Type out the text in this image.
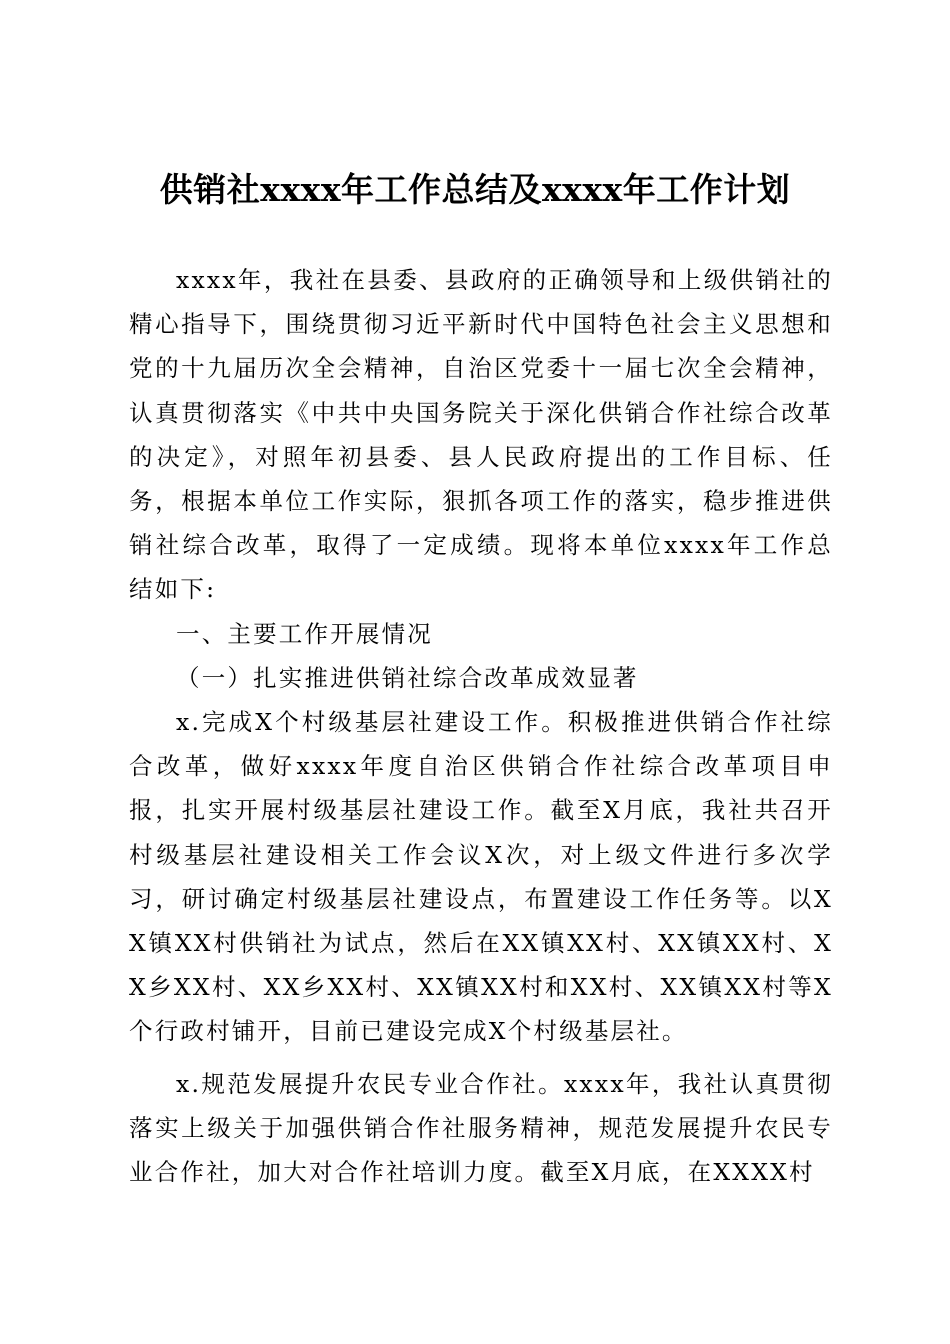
供销社xxxx年工作总结及xxxx年工作计划

xxxx年，我社在县委、县政府的正确领导和上级供销社的精心指导下，围绕贯彻习近平新时代中国特色社会主义思想和党的十九届历次全会精神，自治区党委十一届七次全会精神，认真贯彻落实《中共中央国务院关于深化供销合作社综合改革的决定》，对照年初县委、县人民政府提出的工作目标、任务，根据本单位工作实际，狠抓各项工作的落实，稳步推进供销社综合改革，取得了一定成绩。现将本单位xxxx年工作总结如下:

一、主要工作开展情况

（一）扎实推进供销社综合改革成效显著

x.完成X个村级基层社建设工作。积极推进供销合作社综合改革，做好xxxx年度自治区供销合作社综合改革项目申报，扎实开展村级基层社建设工作。截至X月底，我社共召开村级基层社建设相关工作会议X次，对上级文件进行多次学习，研讨确定村级基层社建设点，布置建设工作任务等。以XX镇XX村供销社为试点，然后在XX镇XX村、XX镇XX村、XX乡XX村、XX乡XX村、XX镇XX村和XX村、XX镇XX村等X个行政村铺开，目前已建设完成X个村级基层社。

x.规范发展提升农民专业合作社。xxxx年，我社认真贯彻落实上级关于加强供销合作社服务精神，规范发展提升农民专业合作社，加大对合作社培训力度。截至X月底，在XXXX村
